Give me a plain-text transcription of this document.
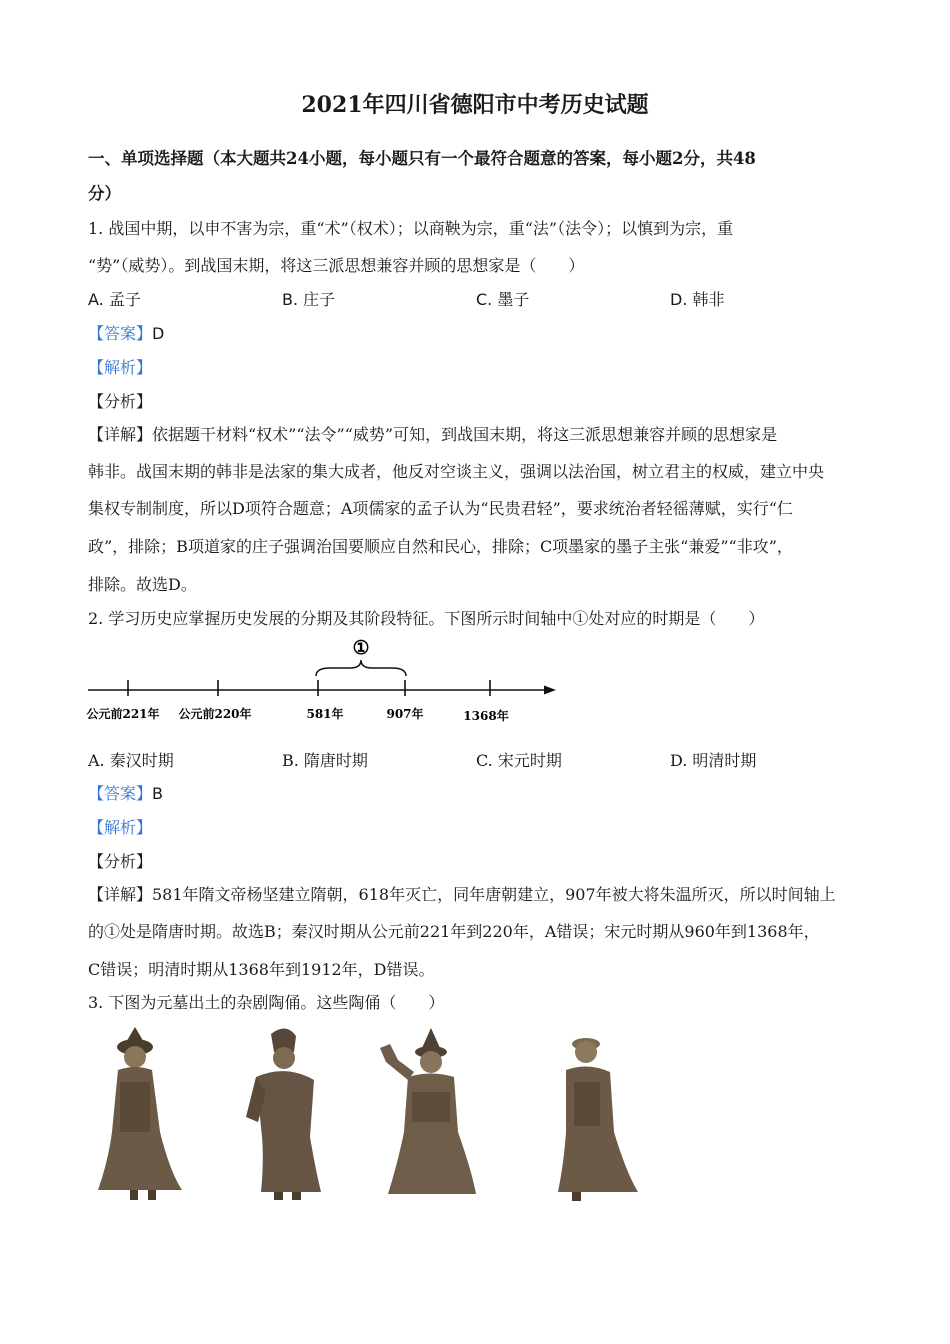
2021年四川省德阳市中考历史试题
一、单项选择题（本大题共24小题，每小题只有一个最符合题意的答案，每小题2分，共48
分）
1. 战国中期，以申不害为宗，重“术”（权术）；以商鞅为宗，重“法”（法令）；以慎到为宗，重
“势”（威势）。到战国末期，将这三派思想兼容并顾的思想家是（　　）
A. 孟子	B. 庄子	C. 墨子	D. 韩非
【答案】D
【解析】
【分析】
【详解】依据题干材料“权术”“法令”“威势”可知，到战国末期，将这三派思想兼容并顾的思想家是
韩非。战国末期的韩非是法家的集大成者，他反对空谈主义，强调以法治国，树立君主的权威，建立中央
集权专制制度，所以D项符合题意；A项儒家的孟子认为“民贵君轻”，要求统治者轻徭薄赋，实行“仁
政”，排除；B项道家的庄子强调治国要顺应自然和民心，排除；C项墨家的墨子主张“兼爱”“非攻”，
排除。故选D。
2. 学习历史应掌握历史发展的分期及其阶段特征。下图所示时间轴中①处对应的时期是（　　）
①
公元前221年 公元前220年	581年	907年	1368年
A. 秦汉时期	B. 隋唐时期	C. 宋元时期	D. 明清时期
【答案】B
【解析】
【分析】
【详解】581年隋文帝杨坚建立隋朝，618年灭亡，同年唐朝建立，907年被大将朱温所灭，所以时间轴上
的①处是隋唐时期。故选B；秦汉时期从公元前221年到220年，A错误；宋元时期从960年到1368年，
C错误；明清时期从1368年到1912年，D错误。
3. 下图为元墓出土的杂剧陶俑。这些陶俑（　　）
